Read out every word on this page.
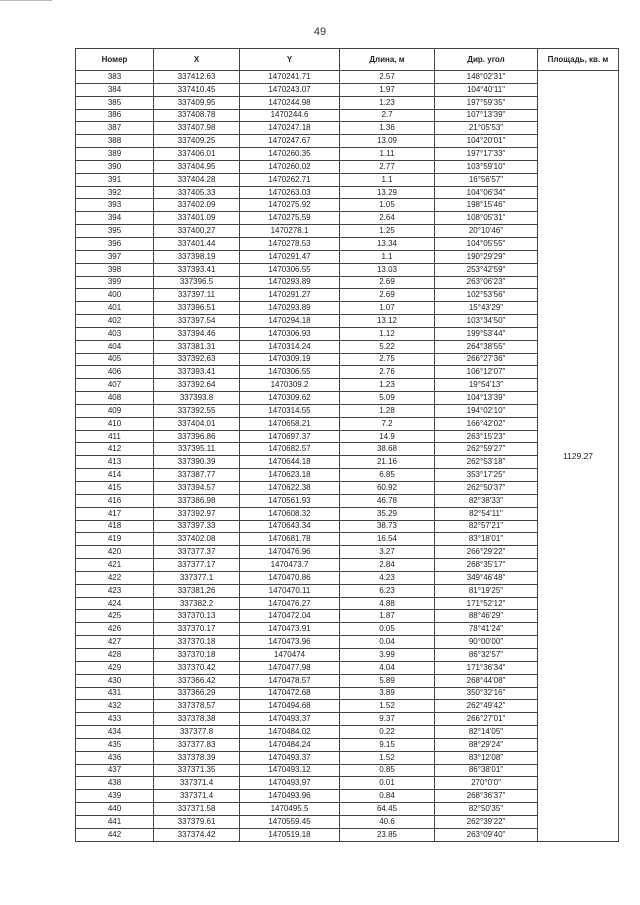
49
Номер	X	Y	Длина, м	Дир. угол	Площадь, кв. м
383	337412.63	1470241.71	2.57	148°02'31"	1129.27
384	337410.45	1470243.07	1.97	104°40'11"	
385	337409.95	1470244.98	1.23	197°59'35"	
386	337408.78	1470244.6	2.7	107°13'39"	
387	337407.98	1470247.18	1.36	21°05'53"	
388	337409.25	1470247.67	13.09	104°20'01"	
389	337406.01	1470260.35	1.11	197°17'33"	
390	337404.95	1470260.02	2.77	103°59'10"	
391	337404.28	1470262.71	1.1	16°56'57"	
392	337405.33	1470263.03	13.29	104°06'34"	
393	337402.09	1470275.92	1.05	198°15'46"	
394	337401.09	1470275.59	2.64	108°05'31"	
395	337400.27	1470278.1	1.25	20°10'46"	
396	337401.44	1470278.53	13.34	104°05'55"	
397	337398.19	1470291.47	1.1	190°29'29"	
398	337393.41	1470306.55	13.03	253°42'59"	
399	337396.5	1470293.89	2.69	263°06'23"	
400	337397.11	1470291.27	2.69	102°53'56"	
401	337396.51	1470293.89	1.07	15°43'29"	
402	337397.54	1470294.18	13.12	103°34'50"	
403	337394.46	1470306.93	1.12	199°53'44"	
404	337381.31	1470314.24	5.22	264°38'55"	
405	337392.63	1470309.19	2.75	266°27'36"	
406	337393.41	1470306.55	2.76	106°12'07"	
407	337392.64	1470309.2	1.23	19°54'13"	
408	337393.8	1470309.62	5.09	104°13'39"	
409	337392.55	1470314.55	1.28	194°02'10"	
410	337404.01	1470658.21	7.2	166°42'02"	
411	337396.86	1470697.37	14.9	263°15'23"	
412	337395.11	1470682.57	38.68	262°59'27"	
413	337390.39	1470644.18	21.16	262°53'18"	
414	337387.77	1470623.18	6.85	353°17'25"	
415	337394.57	1470622.38	60.92	262°50'37"	
416	337386.98	1470561.93	46.78	82°38'33"	
417	337392.97	1470608.32	35.29	82°54'11"	
418	337397.33	1470643.34	38.73	82°57'21"	
419	337402.08	1470681.78	16.54	83°18'01"	
420	337377.37	1470476.96	3.27	266°29'22"	
421	337377.17	1470473.7	2.84	268°35'17"	
422	337377.1	1470470.86	4.23	349°46'48"	
423	337381.26	1470470.11	6.23	81°19'25"	
424	337382.2	1470476.27	4.88	171°52'12"	
425	337370.13	1470472.04	1.87	88°46'29"	
426	337370.17	1470473.91	0.05	78°41'24"	
427	337370.18	1470473.96	0.04	90°00'00"	
428	337370.18	1470474	3.99	86°32'57"	
429	337370.42	1470477.98	4.04	171°36'34"	
430	337366.42	1470478.57	5.89	268°44'08"	
431	337366.29	1470472.68	3.89	350°32'16"	
432	337378.57	1470494.68	1.52	262°49'42"	
433	337378.38	1470493.37	9.37	266°27'01"	
434	337377.8	1470484.02	0.22	82°14'05"	
435	337377.83	1470484.24	9.15	88°29'24"	
436	337378.39	1470493.37	1.52	83°12'08"	
437	337371.35	1470493.12	0.85	86°38'01"	
438	337371.4	1470493.97	0.01	270°0'0"	
439	337371.4	1470493.96	0.84	268°36'37"	
440	337371.58	1470495.5	64.45	82°50'35"	
441	337379.61	1470559.45	40.6	262°39'22"	
442	337374.42	1470519.18	23.85	263°09'40"	
